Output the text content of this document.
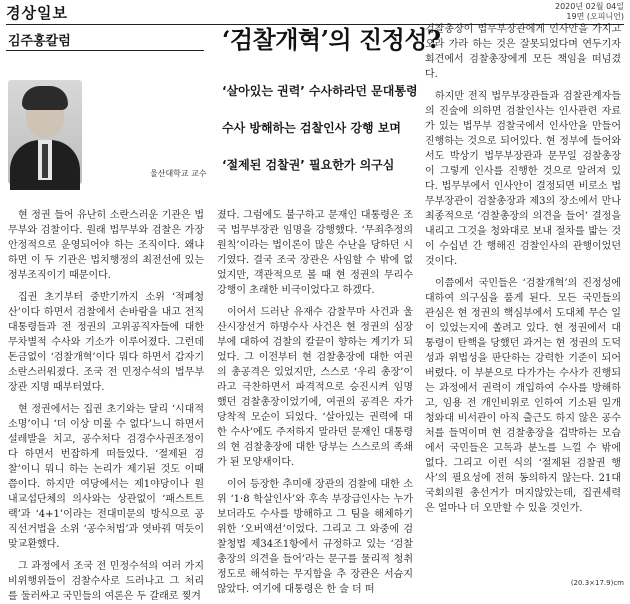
경상일보	2020년 02월 04일
19면 (오피니언)
김주홍칼럼	‘검찰개혁’의 진정성?
울산대학교 교수
‘살아있는 권력’ 수사하라던 문대통령
수사 방해하는 검찰인사 강행 보며
‘절제된 검찰권’ 필요한가 의구심

현 정권 들어 유난히 소란스러운 기관은 법무부와 검찰이다. 원래 법무부와 검찰은 가장 안정적으로 운영되어야 하는 조직이다. 왜냐하면 이 두 기관은 법치행정의 최전선에 있는 정부조직이기 때문이다.

집권 초기부터 중반기까지 소위 ‘적폐청산’이다 하면서 검찰에서 손바람을 내고 전직 대통령들과 전 정권의 고위공직자들에 대한 무차별적 수사와 기소가 이루어졌다. 그런데 돈금없이 ‘검찰개혁’이다 뭐다 하면서 갑자기 소란스러워졌다. 조국 전 민정수석의 법무부장관 지명 때부터였다.

현 정권에서는 집권 초기와는 달리 ‘시대적 소명’이니 ‘더 이상 미룰 수 없다’느니 하면서 설레발을 치고, 공수처다 검경수사권조정이다 하면서 번잡하게 떠들었다. ‘절제된 검찰’이니 뭐니 하는 논리가 제기된 것도 이때쯤이다. 하지만 여당에서는 제1야당이나 원내교섭단체의 의사와는 상관없이 ‘패스트트랙’과 ‘4+1’이라는 전대미문의 방식으로 공직선거법을 소위 ‘공수처법’과 엿바꿔 먹듯이 맞교환했다.

그 과정에서 조국 전 민정수석의 여러 가지 비위행위들이 검찰수사로 드러나고 그 처리를 둘러싸고 국민들의 여론은 두 갈래로 찢겨

졌다. 그럼에도 불구하고 문재인 대통령은 조국 법무부장관 임명을 강행했다. ‘무죄추정의 원칙’이라는 법이론이 많은 수난을 당하던 시기였다. 결국 조국 장관은 사임할 수 밖에 없었지만, 객관적으로 볼 때 현 정권의 무리수 강행이 초래한 비극이었다고 하겠다.

이어서 드러난 유재수 감찰무마 사건과 울산시장선거 하명수사 사건은 현 정권의 심장부에 대하여 검찰의 칼끝이 향하는 계기가 되었다. 그 이전부터 현 검찰총장에 대한 여권의 총공격은 있었지만, 스스로 ‘우리 총장’이라고 극찬하면서 파격적으로 승진시켜 임명했던 검찰총장이었기에, 여권의 공격은 자가당착적 모순이 되었다. ‘살아있는 권력에 대한 수사’에도 주저하지 말라던 문재인 대통령의 현 검찰총장에 대한 당부는 스스로의 족쇄가 된 모양새이다.

이어 등장한 추미애 장관의 검찰에 대한 소위 ‘1·8 학살인사’와 후속 부장급인사는 누가 보더라도 수사를 방해하고 그 팀을 해체하기 위한 ‘오버액션’이었다. 그리고 그 와중에 검찰청법 제34조1항에서 규정하고 있는 ‘검찰총장의 의견을 들어’라는 문구를 물리적 청취 정도로 해석하는 무지함을 추 장관은 서슴지 않았다. 여기에 대통령은 한 술 더 떠

검찰총장이 법무부장관에게 인사안을 가지고 오라 가라 하는 것은 잘못되었다며 연두기자회견에서 검찰총장에게 모든 책임을 떠넘겼다.

하지만 전직 법무부장관들과 검찰관계자들의 진술에 의하면 검찰인사는 인사관련 자료가 있는 법무부 검찰국에서 인사안을 만들어 진행하는 것으로 되어있다. 현 정부에 들어와서도 박상기 법무부장관과 문무일 검찰총장이 그렇게 인사를 진행한 것으로 알려져 있다. 법무부에서 인사안이 결정되면 비로소 법무부장관이 검찰총장과 제3의 장소에서 만나 최종적으로 ‘검찰총장의 의견을 들어’ 결정을 내리고 그것을 청와대로 보내 절차를 밟는 것이 수십년 간 행해진 검찰인사의 관행이었던 것이다.

이쯤에서 국민들은 ‘검찰개혁’의 진정성에 대하여 의구심을 품게 된다. 모든 국민들의 관심은 현 정권의 핵심부에서 도대체 무슨 일이 있었는지에 쏠려고 있다. 현 정권에서 대통령이 탄핵을 당했던 과거는 현 정권의 도덕성과 위법성을 판단하는 강력한 기준이 되어버렸다. 이 부분으로 다가가는 수사가 진행되는 과정에서 권력이 개입하여 수사를 방해하고, 임용 전 개인비위로 인하여 기소된 일개 청와대 비서관이 아직 출근도 하지 않은 공수처를 들먹이며 현 검찰총장을 겁박하는 모습에서 국민들은 고독과 분노를 느낄 수 밖에 없다. 그리고 이런 식의 ‘절제된 검찰권 행사’의 필요성에 전혀 동의하지 않는다. 21대 국회의원 총선거가 머지않았는데, 집권세력은 얼마나 더 오만할 수 있을 것인가.

(20.3×17.9)cm
